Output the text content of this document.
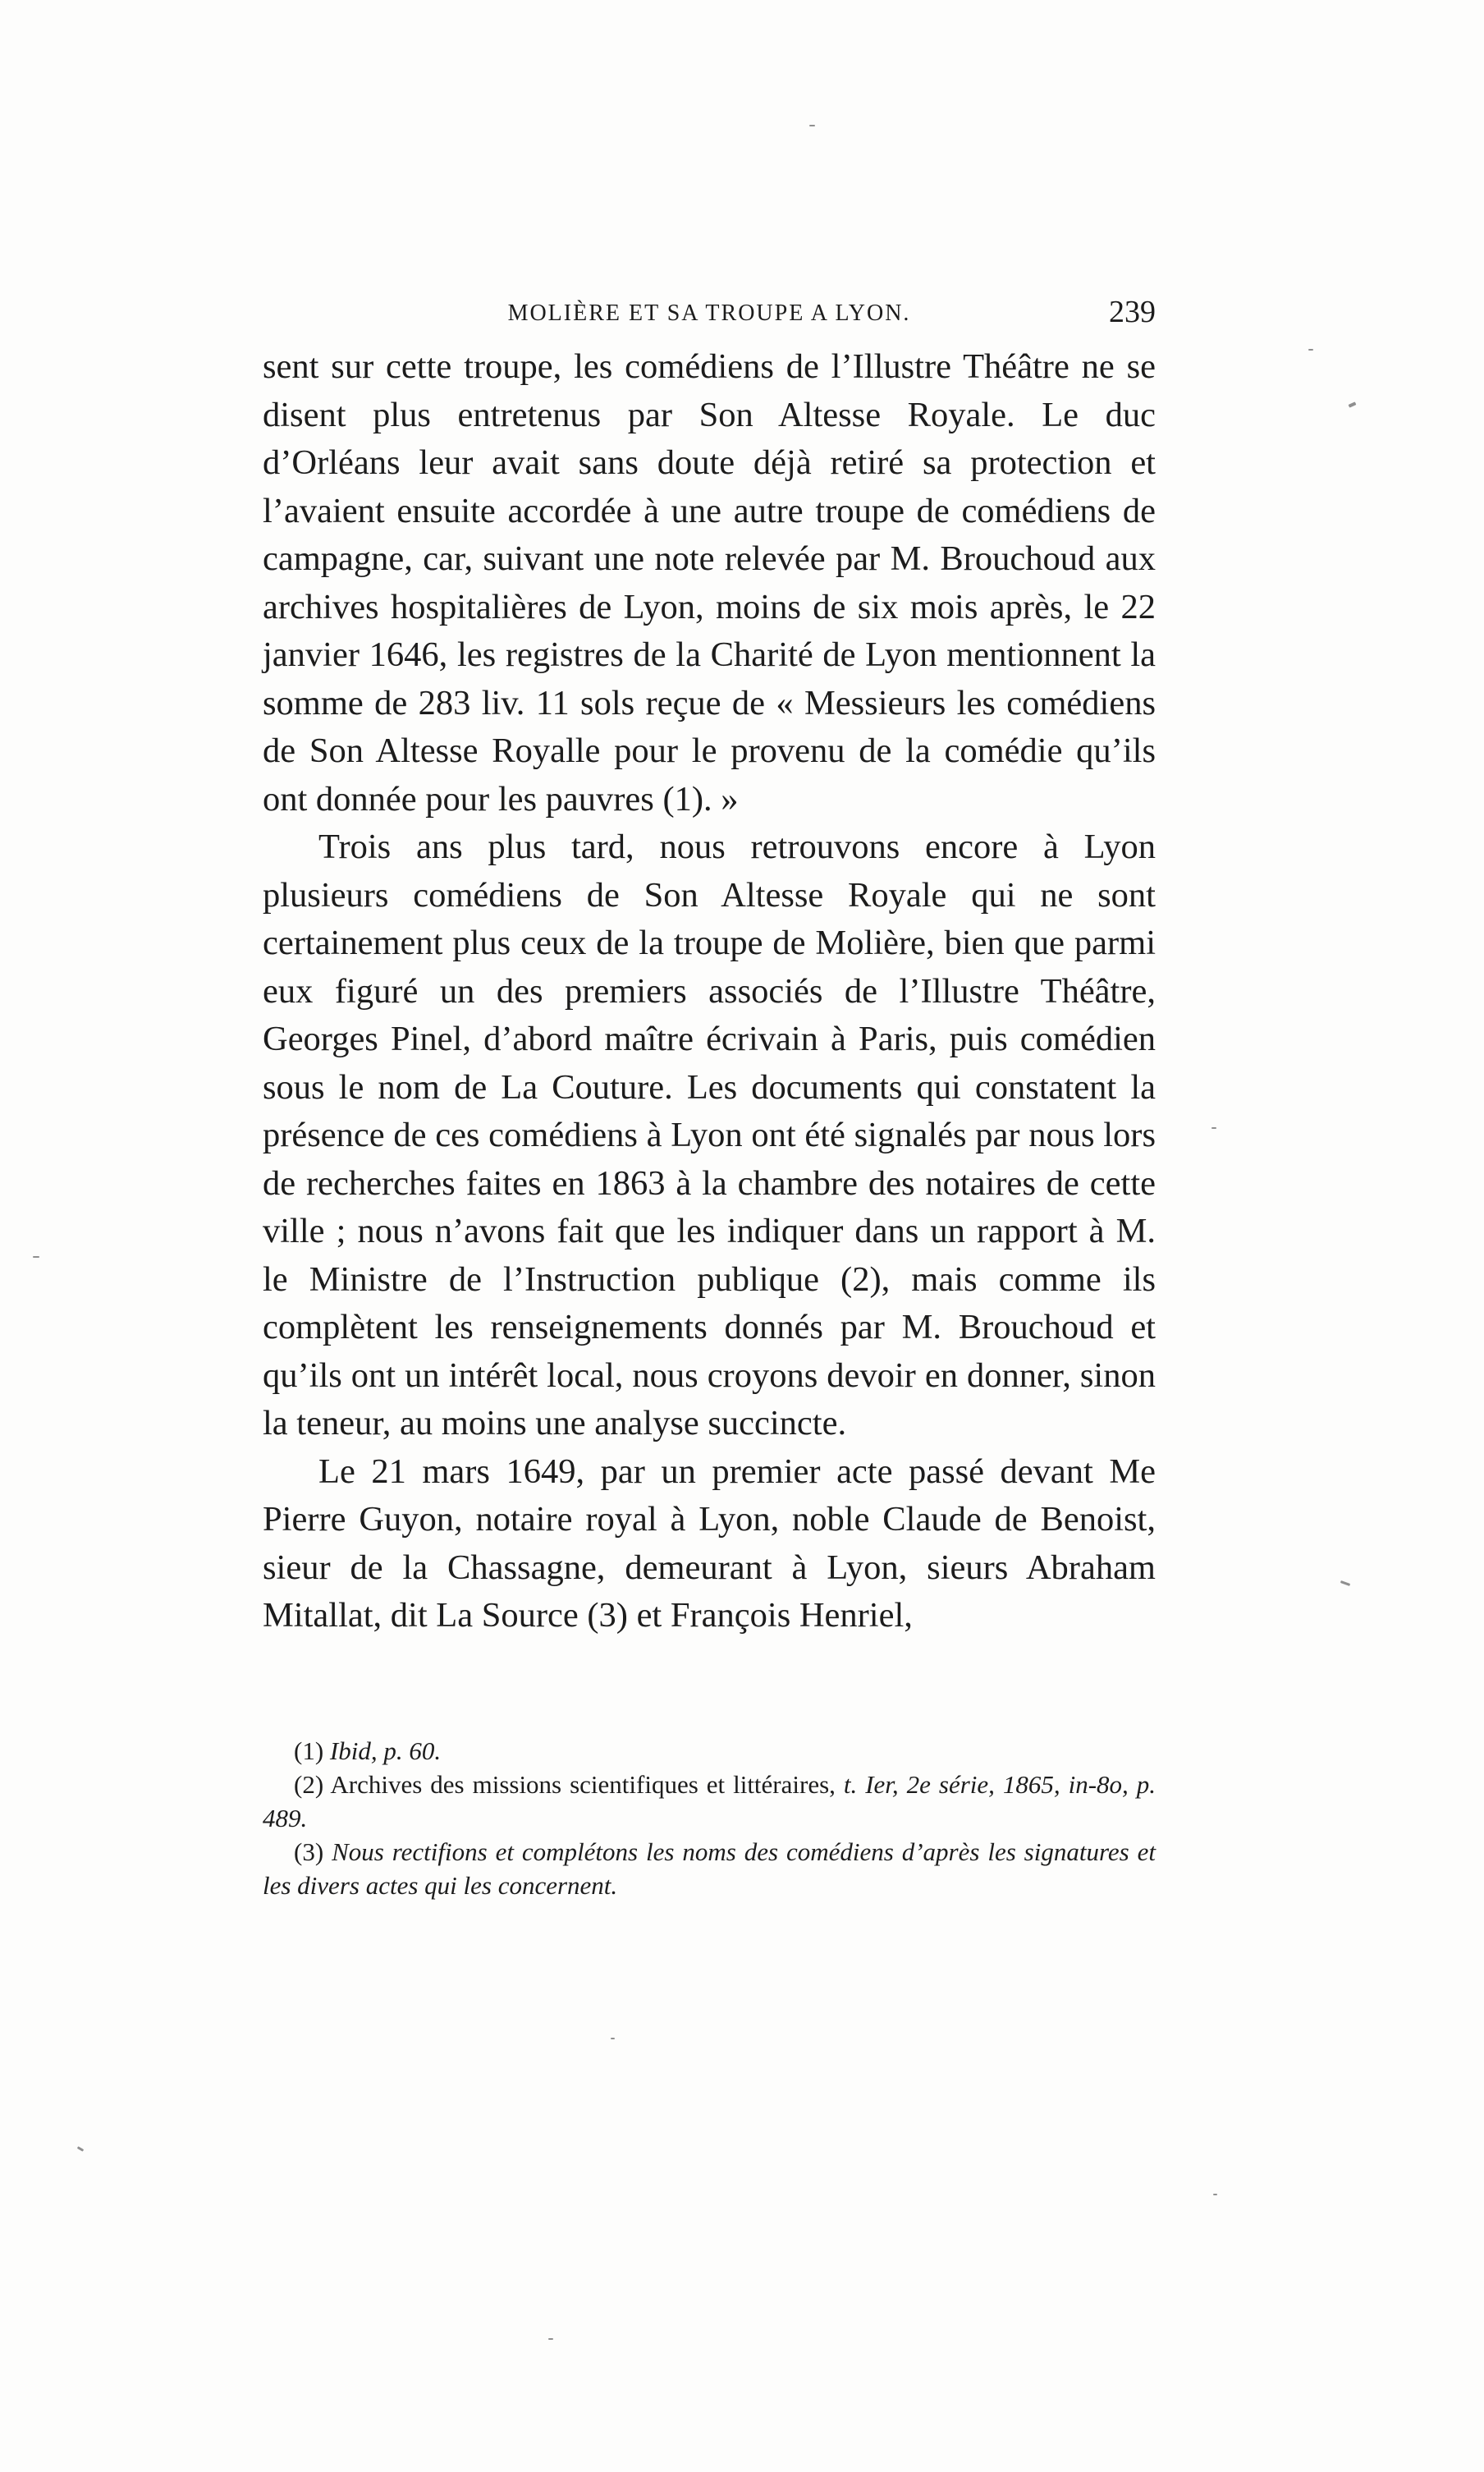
MOLIÈRE ET SA TROUPE A LYON.	239

sent sur cette troupe, les comédiens de l’Illustre Théâtre ne se disent plus entretenus par Son Altesse Royale. Le duc d’Orléans leur avait sans doute déjà retiré sa protection et l’avaient ensuite accordée à une autre troupe de comédiens de campagne, car, suivant une note relevée par M. Brouchoud aux archives hospitalières de Lyon, moins de six mois après, le 22 janvier 1646, les registres de la Charité de Lyon mentionnent la somme de 283 liv. 11 sols reçue de « Messieurs les comédiens de Son Altesse Royalle pour le provenu de la comédie qu’ils ont donnée pour les pauvres (1). »

Trois ans plus tard, nous retrouvons encore à Lyon plusieurs comédiens de Son Altesse Royale qui ne sont certainement plus ceux de la troupe de Molière, bien que parmi eux figuré un des premiers associés de l’Illustre Théâtre, Georges Pinel, d’abord maître écrivain à Paris, puis comédien sous le nom de La Couture. Les documents qui constatent la présence de ces comédiens à Lyon ont été signalés par nous lors de recherches faites en 1863 à la chambre des notaires de cette ville ; nous n’avons fait que les indiquer dans un rapport à M. le Ministre de l’Instruction publique (2), mais comme ils complètent les renseignements donnés par M. Brouchoud et qu’ils ont un intérêt local, nous croyons devoir en donner, sinon la teneur, au moins une analyse succincte.

Le 21 mars 1649, par un premier acte passé devant Me Pierre Guyon, notaire royal à Lyon, noble Claude de Benoist, sieur de la Chassagne, demeurant à Lyon, sieurs Abraham Mitallat, dit La Source (3) et François Henriel,

(1) Ibid, p. 60.

(2) Archives des missions scientifiques et littéraires, t. Ier, 2e série, 1865, in-8o, p. 489.

(3) Nous rectifions et complétons les noms des comédiens d’après les signatures et les divers actes qui les concernent.
